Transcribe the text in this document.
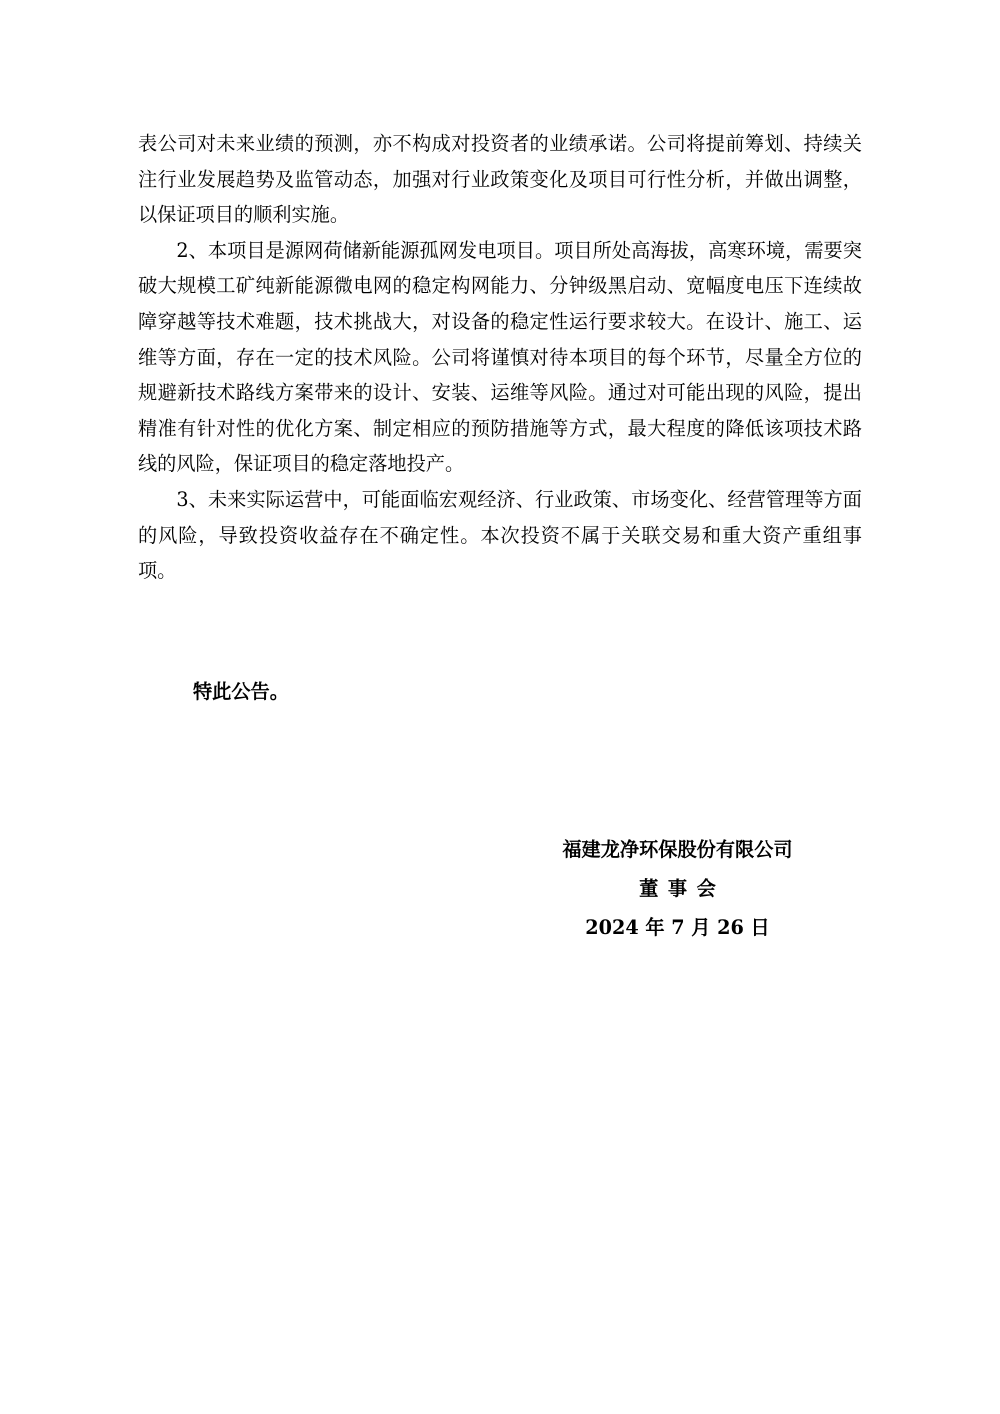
表公司对未来业绩的预测，亦不构成对投资者的业绩承诺。公司将提前筹划、持续关注行业发展趋势及监管动态，加强对行业政策变化及项目可行性分析，并做出调整，以保证项目的顺利实施。

2、本项目是源网荷储新能源孤网发电项目。项目所处高海拔，高寒环境，需要突破大规模工矿纯新能源微电网的稳定构网能力、分钟级黑启动、宽幅度电压下连续故障穿越等技术难题，技术挑战大，对设备的稳定性运行要求较大。在设计、施工、运维等方面，存在一定的技术风险。公司将谨慎对待本项目的每个环节，尽量全方位的规避新技术路线方案带来的设计、安装、运维等风险。通过对可能出现的风险，提出精准有针对性的优化方案、制定相应的预防措施等方式，最大程度的降低该项技术路线的风险，保证项目的稳定落地投产。

3、未来实际运营中，可能面临宏观经济、行业政策、市场变化、经营管理等方面的风险，导致投资收益存在不确定性。本次投资不属于关联交易和重大资产重组事项。

特此公告。
福建龙净环保股份有限公司
董事会
2024 年 7 月 26 日
